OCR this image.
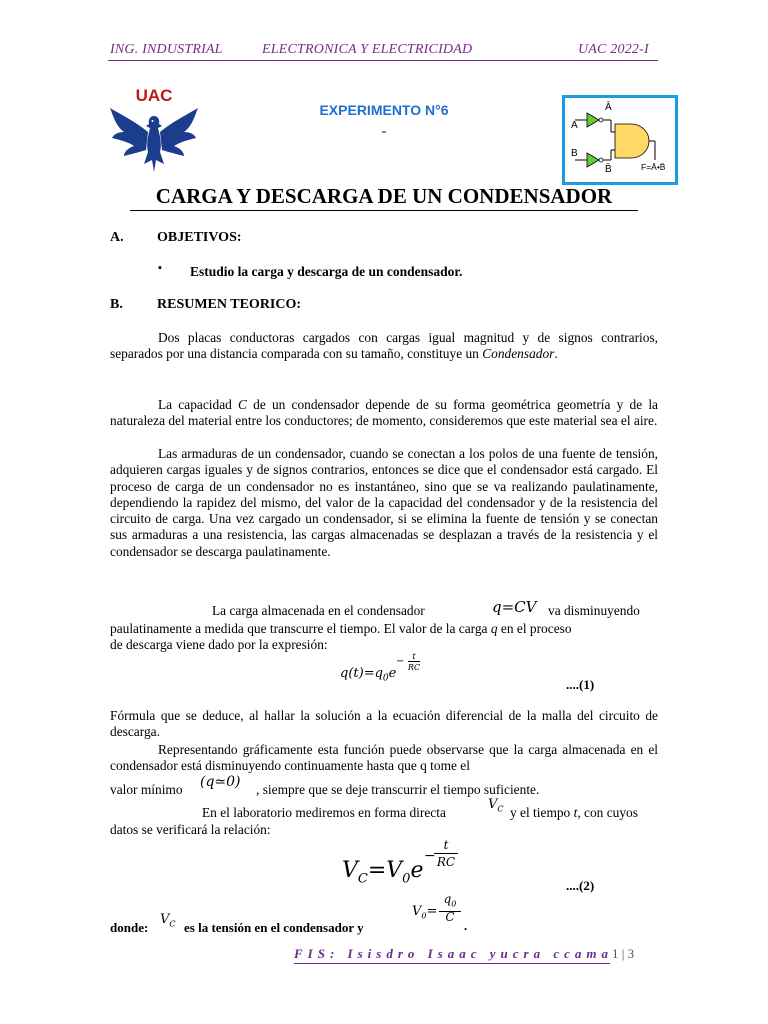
ING. INDUSTRIAL	ELECTRONICA Y ELECTRICIDAD	UAC 2022-I
UAC
EXPERIMENTO N°6
-	A
B
Ā
B̄	F=Ā•B̄
CARGA Y DESCARGA DE UN CONDENSADOR
A. OBJETIVOS:
▪ Estudio la carga y descarga de un condensador.
B. RESUMEN TEORICO:
Dos placas conductoras cargados con cargas igual magnitud y de signos contrarios, separados por una distancia comparada con su tamaño, constituye un Condensador.
La capacidad C de un condensador depende de su forma geométrica geometría y de la naturaleza del material entre los conductores; de momento, consideremos que este material sea el aire.
Las armaduras de un condensador, cuando se conectan a los polos de una fuente de tensión, adquieren cargas iguales y de signos contrarios, entonces se dice que el condensador está cargado. El proceso de carga de un condensador no es instantáneo, sino que se va realizando paulatinamente, dependiendo la rapidez del mismo, del valor de la capacidad del condensador y de la resistencia del circuito de carga. Una vez cargado un condensador, si se elimina la fuente de tensión y se conectan sus armaduras a una resistencia, las cargas almacenadas se desplazan a través de la resistencia y el condensador se descarga paulatinamente.
La carga almacenada en el condensador	q=CV va disminuyendo
paulatinamente a medida que transcurre el tiempo. El valor de la carga q en el proceso
de descarga viene dado por la expresión:
$q(t)=q_0e$
−	t
RC
....(1)
Fórmula que se deduce, al hallar la solución a la ecuación diferencial de la malla del circuito de descarga.
Representando gráficamente esta función puede observarse que la carga almacenada en el condensador está disminuyendo continuamente hasta que q tome el
valor mínimo (q≃0) , siempre que se deje transcurrir el tiempo suficiente.
En el laboratorio mediremos en forma directa
$V_C$ y el tiempo t, con cuyos
datos se verificará la relación:
$V_C=V_0e$
−
t
RC
....(2)
donde:
$V_C$ es la tensión en el condensador y
$V_0=$
$q_0$
C
.
FIS: Isisdro Isaac yucra ccama
1 | 3
